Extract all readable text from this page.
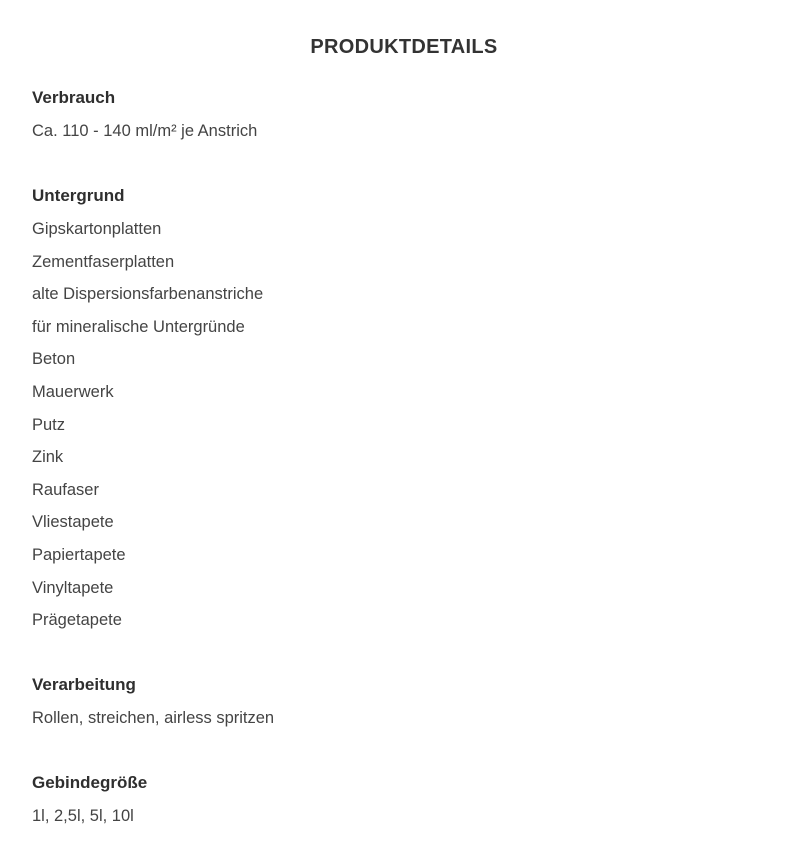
PRODUKTDETAILS
Verbrauch
Ca. 110 - 140 ml/m² je Anstrich
Untergrund
Gipskartonplatten
Zementfaserplatten
alte Dispersionsfarbenanstriche
für mineralische Untergründe
Beton
Mauerwerk
Putz
Zink
Raufaser
Vliestapete
Papiertapete
Vinyltapete
Prägetapete
Verarbeitung
Rollen, streichen, airless spritzen
Gebindegröße
1l, 2,5l, 5l, 10l
